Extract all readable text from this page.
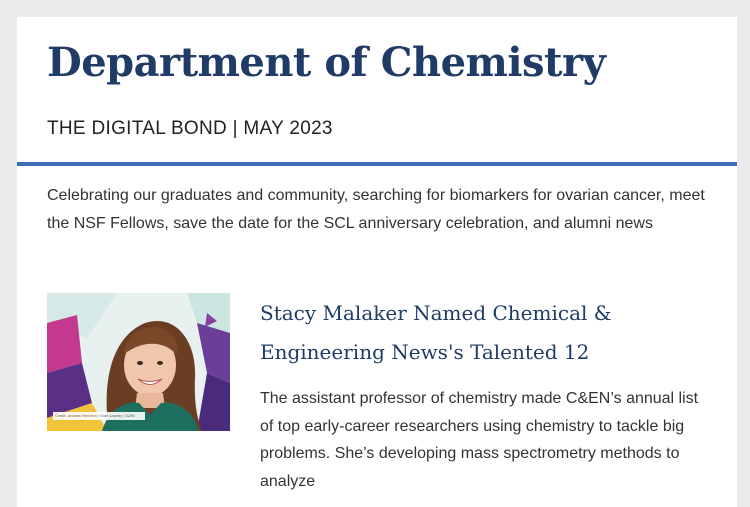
Department of Chemistry
THE DIGITAL BOND | MAY 2023

Celebrating our graduates and community, searching for biomarkers for ovarian cancer, meet the NSF Fellows, save the date for the SCL anniversary celebration, and alumni news

Credit: Andrew Fenichel / Grad Lawrey; C&EN
Stacy Malaker Named Chemical & Engineering News's Talented 12

The assistant professor of chemistry made C&EN’s annual list of top early-career researchers using chemistry to tackle big problems. She’s developing mass spectrometry methods to analyze
